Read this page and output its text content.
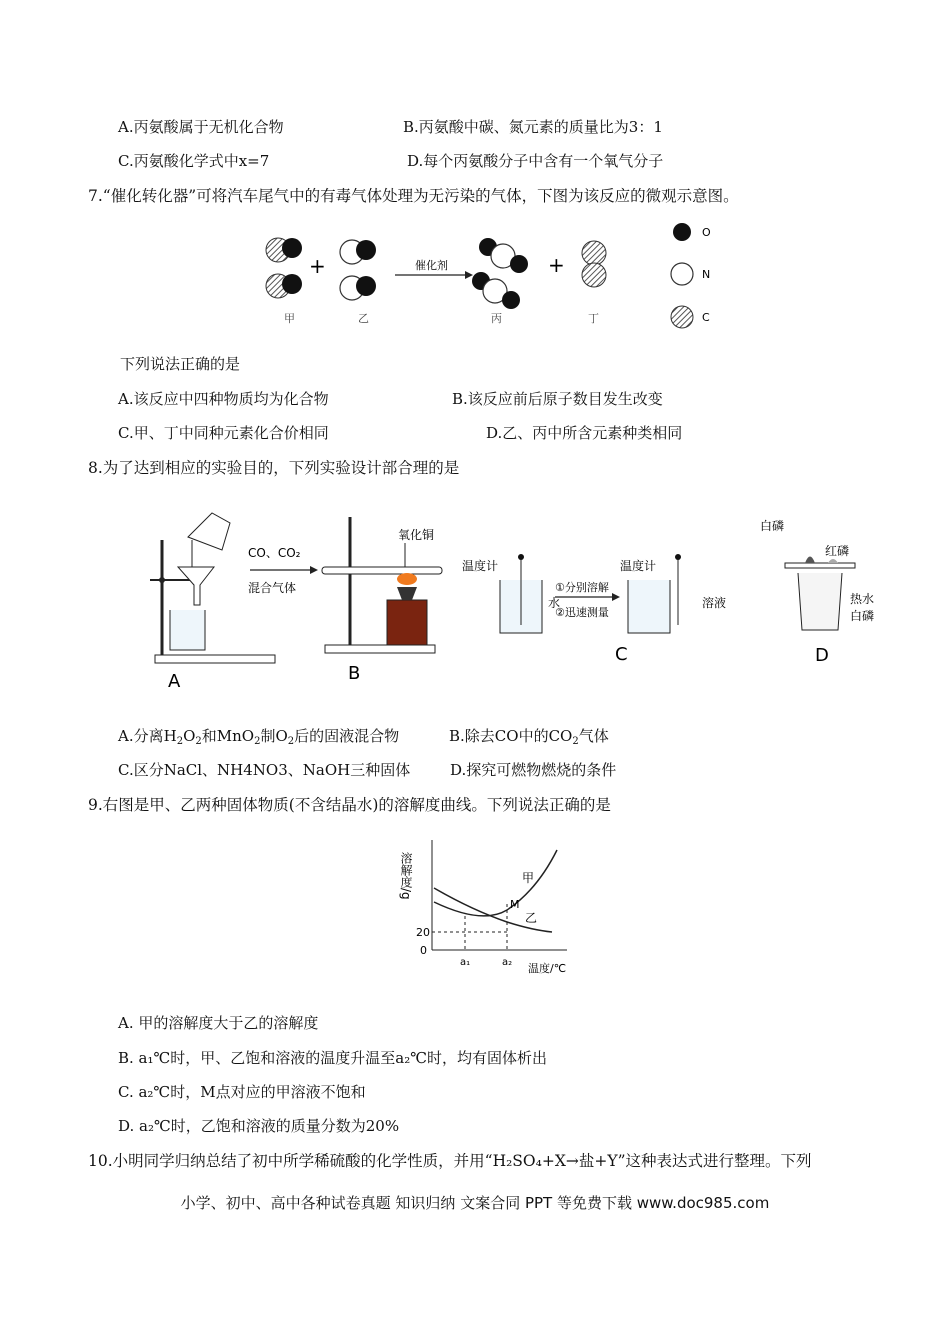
A.丙氨酸属于无机化合物	B.丙氨酸中碳、氮元素的质量比为3：1
C.丙氨酸化学式中x=7	D.每个丙氨酸分子中含有一个氧气分子
7.“催化转化器”可将汽车尾气中的有毒气体处理为无污染的气体，下图为该反应的微观示意图。
+	催化剂	+
甲	乙	丙	丁
O
N
C
下列说法正确的是
A.该反应中四种物质均为化合物	B.该反应前后原子数目发生改变
C.甲、丁中同种元素化合价相同	D.乙、丙中所含元素种类相同
8.为了达到相应的实验目的，下列实验设计部合理的是
A
CO、CO₂
混合气体
氧化铜
B
温度计
水
①分别溶解
②迅速测量
温度计
溶液
C
白磷
红磷
热水
白磷
D
A.分离$H_2O_2$和MnO$_2$制$O_2$后的固液混合物	B.除去CO中的$CO_2$气体
C.区分NaCl、NH4NO3、NaOH三种固体	D.探究可燃物燃烧的条件
9.右图是甲、乙两种固体物质(不含结晶水)的溶解度曲线。下列说法正确的是
溶解度/g	甲
乙
M
20
0
a₁	a₂ 温度/℃
A. 甲的溶解度大于乙的溶解度
B. a₁℃时，甲、乙饱和溶液的温度升温至a₂℃时，均有固体析出
C. a₂℃时，M点对应的甲溶液不饱和
D. a₂℃时，乙饱和溶液的质量分数为20%
10.小明同学归纳总结了初中所学稀硫酸的化学性质，并用“H₂SO₄+X→盐+Y”这种表达式进行整理。下列
小学、初中、高中各种试卷真题 知识归纳 文案合同 PPT 等免费下载 www.doc985.com
